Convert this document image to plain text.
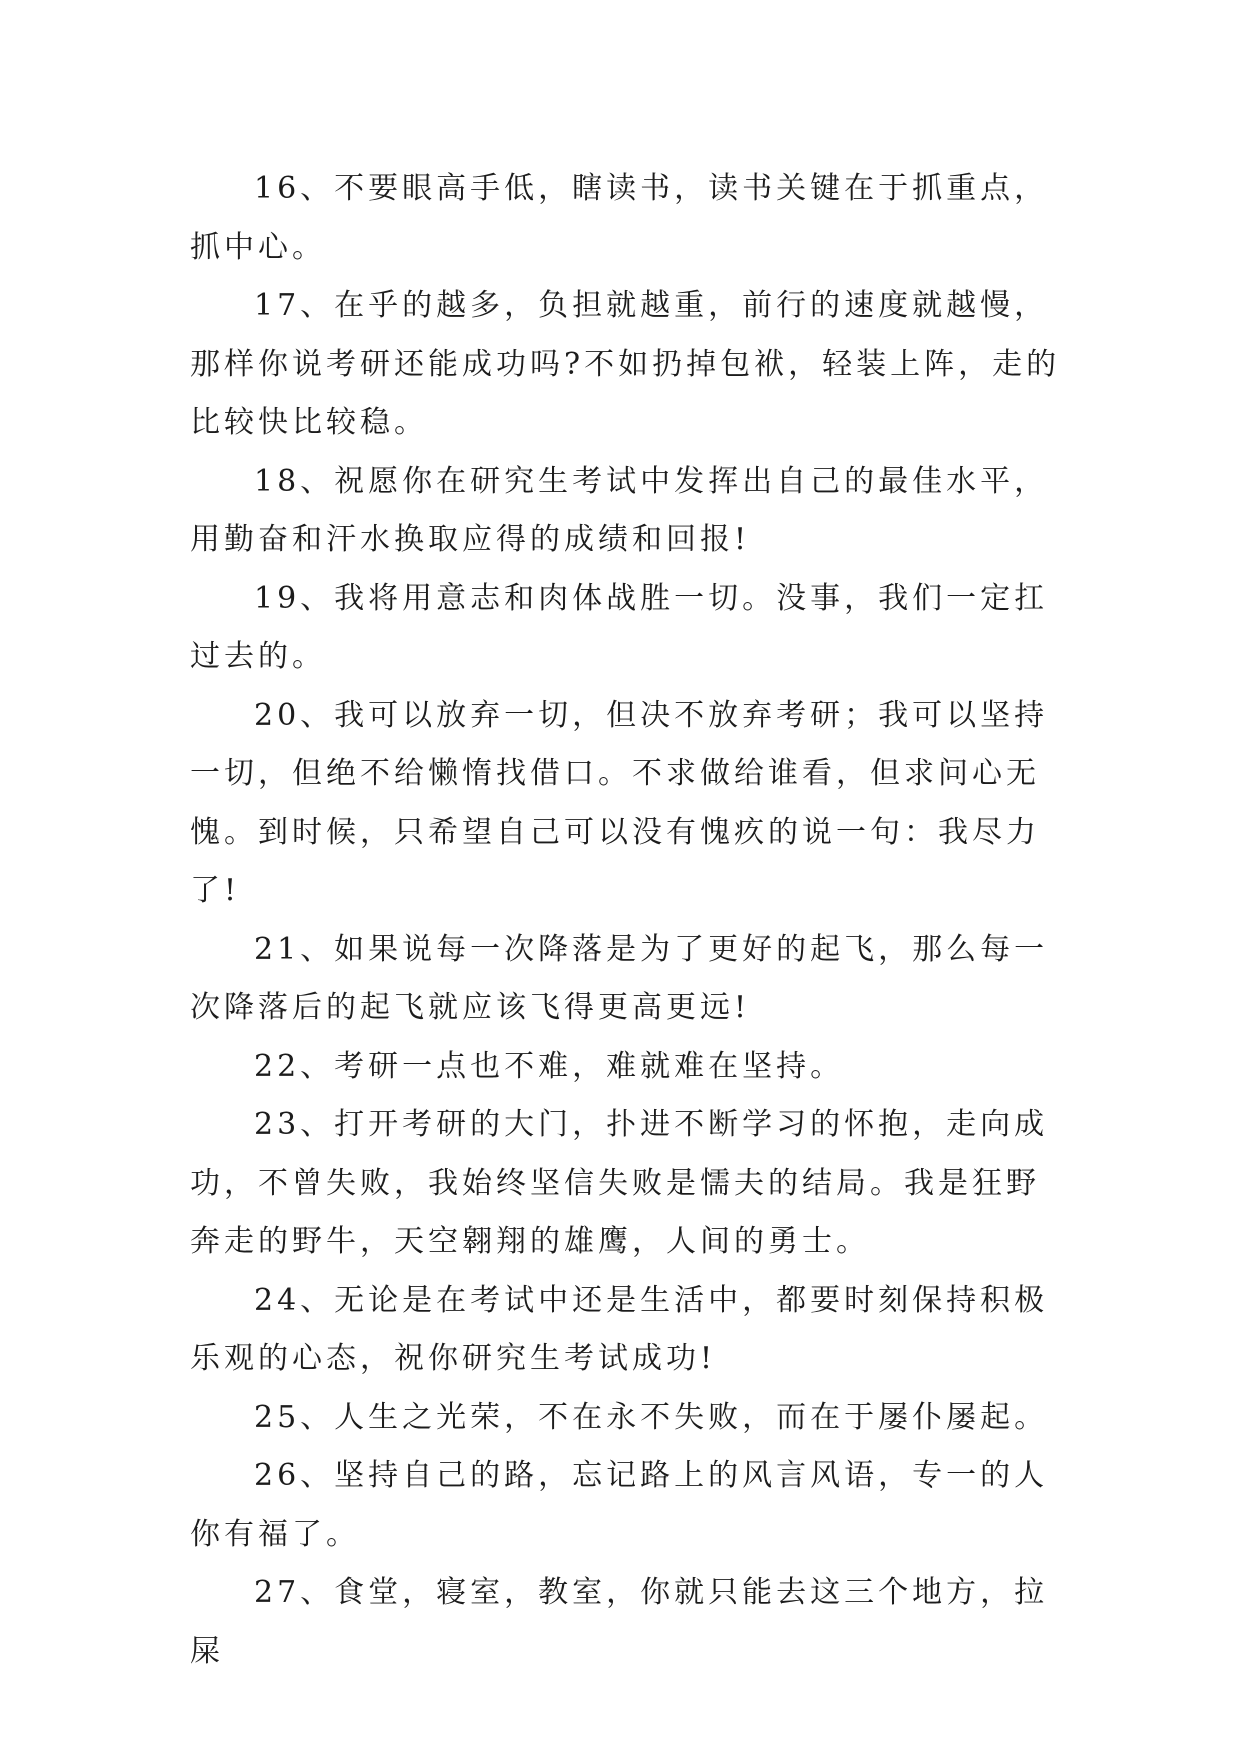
16、不要眼高手低，瞎读书，读书关键在于抓重点，抓中心。

17、在乎的越多，负担就越重，前行的速度就越慢，那样你说考研还能成功吗?不如扔掉包袱，轻装上阵，走的比较快比较稳。

18、祝愿你在研究生考试中发挥出自己的最佳水平，用勤奋和汗水换取应得的成绩和回报!

19、我将用意志和肉体战胜一切。没事，我们一定扛过去的。

20、我可以放弃一切，但决不放弃考研；我可以坚持一切，但绝不给懒惰找借口。不求做给谁看，但求问心无愧。到时候，只希望自己可以没有愧疚的说一句：我尽力了!

21、如果说每一次降落是为了更好的起飞，那么每一次降落后的起飞就应该飞得更高更远!

22、考研一点也不难，难就难在坚持。

23、打开考研的大门，扑进不断学习的怀抱，走向成功，不曾失败，我始终坚信失败是懦夫的结局。我是狂野奔走的野牛，天空翱翔的雄鹰，人间的勇士。

24、无论是在考试中还是生活中，都要时刻保持积极乐观的心态，祝你研究生考试成功!

25、人生之光荣，不在永不失败，而在于屡仆屡起。

26、坚持自己的路，忘记路上的风言风语，专一的人你有福了。

27、食堂，寝室，教室，你就只能去这三个地方，拉屎
